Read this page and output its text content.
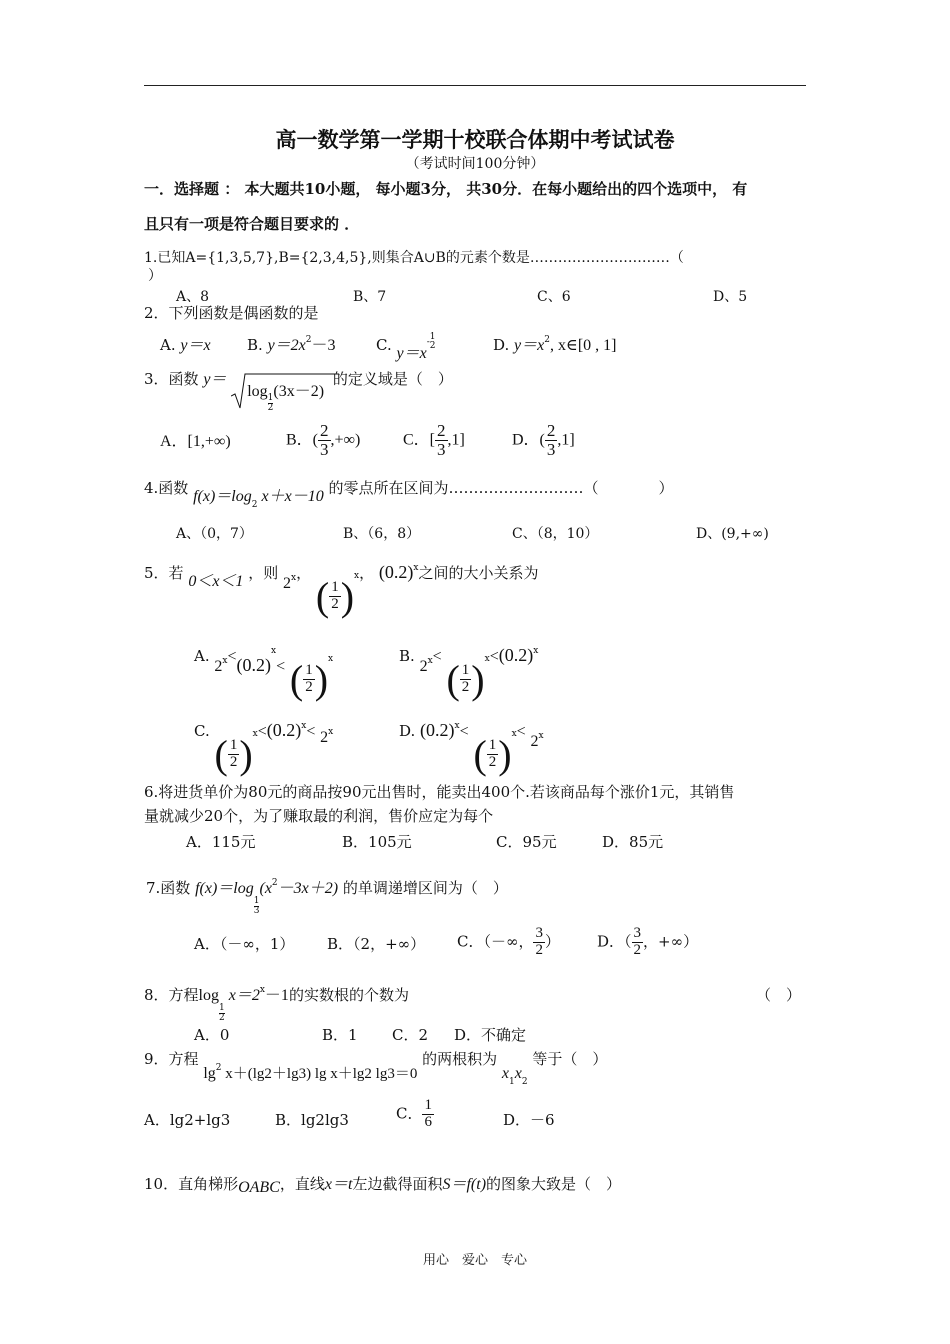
高一数学第一学期十校联合体期中考试试卷
（考试时间100分钟）
一．选择题 ： 本大题共10小题， 每小题3分， 共30分．在每小题给出的四个选项中， 有
且只有一项是符合题目要求的 ．
1.已知A={1,3,5,7},B={2,3,4,5},则集合A∪B的元素个数是…………………………（
）
A、8	B、7	C、6	D、5
2．下列函数是偶函数的是
A. y＝x B. $y=2x^2-3$	C. y＝x-
1
2	D. $y=x^2$, x∈[0 , 1]
3．函数 y＝
log
$\frac{1}{2}$
(3x－2) 的定义域是（　）
A．[1,+∞)	B．( $\frac{2}{3}$ ,+∞)	C．[ $\frac{2}{3} ,1$]	D．( $\frac{2}{3} ,1$]
4.函数 $f(x)=\log_2$ x＋x－10 的零点所在区间为………………………（　　　　）
A、（0，7）	B、（6，8）	C、（8，10）	D、(9,+∞)
5．若 0＜x＜1 ，则 2$^x$， ( $\frac{1}{2} )^x$， $(0.2)^x$之间的大小关系为
A. $2^x<(0.2)^x<$ ( $\frac{1}{2} )^x$	B. $2^x<$ ( $\frac{1}{2} )^x<(0.2)^x$
C. ( $\frac{1}{2} )^x<(0.2)^x< 2^x$	D. $(0.2)^x<$ ( $\frac{1}{2} )^x< 2^x$
6.将进货单价为80元的商品按90元出售时，能卖出400个.若该商品每个涨价1元，其销售
量就减少20个，为了赚取最的利润，售价应定为每个
A．115元	B．105元	C．95元	D．85元
7.函数 f(x)＝log
$\frac{1}{3}$
$(x^2-3x+2)$ 的单调递增区间为（　）
A．（－∞，1） B．（2，+∞） C．（－∞， $\frac{3}{2}$ ） D．（ $\frac{3}{2}$ ，+∞）
8．方程log
$\frac{1}{2}$
$x=2^x-1$的实数根的个数为	（　）
A．0	B．1 C．2 D．不确定
9．方程 $\lg^2 x+(\lg 2+\lg 3)$ lg x＋lg2 lg3＝0 的两根积为 $x_1x_2$ 等于（　）
A．lg2+lg3	B．lg2lg3	C． $\frac{1}{6}$	D．－6
10．直角梯形OABC，直线x＝t左边截得面积S＝f(t)的图象大致是（　）
用心　爱心　专心
